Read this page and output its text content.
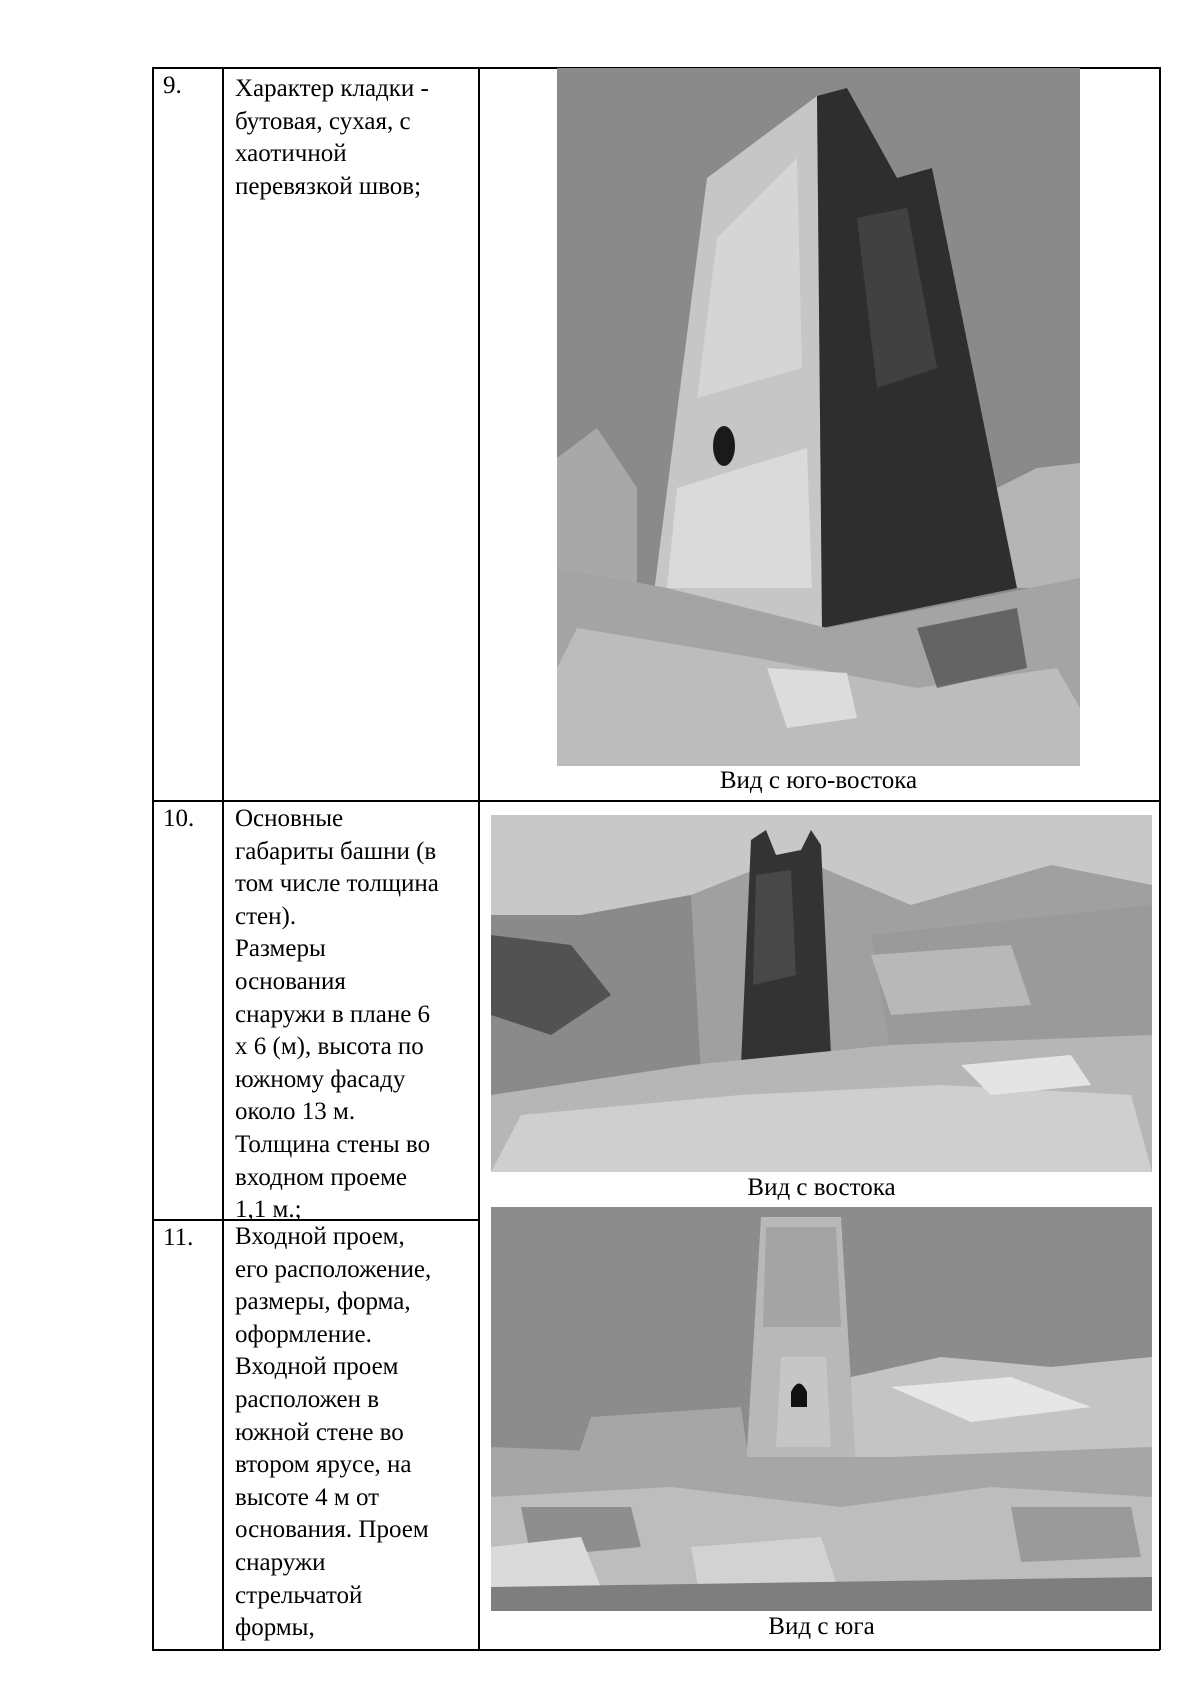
9. Характер кладки -
бутовая, сухая, с
хаотичной
перевязкой швов;
Вид с юго-востока
10. Основные
габариты башни (в
том числе толщина
стен).
Размеры
основания
снаружи в плане 6
х 6 (м), высота по
южному фасаду
около 13 м.
Толщина стены во
входном проеме
1,1 м.;
Вид с востока
11. Входной проем,
его расположение,
размеры, форма,
оформление.
Входной проем
расположен в
южной стене во
втором ярусе, на
высоте 4 м от
основания. Проем
снаружи
стрельчатой
формы,	Вид с юга
